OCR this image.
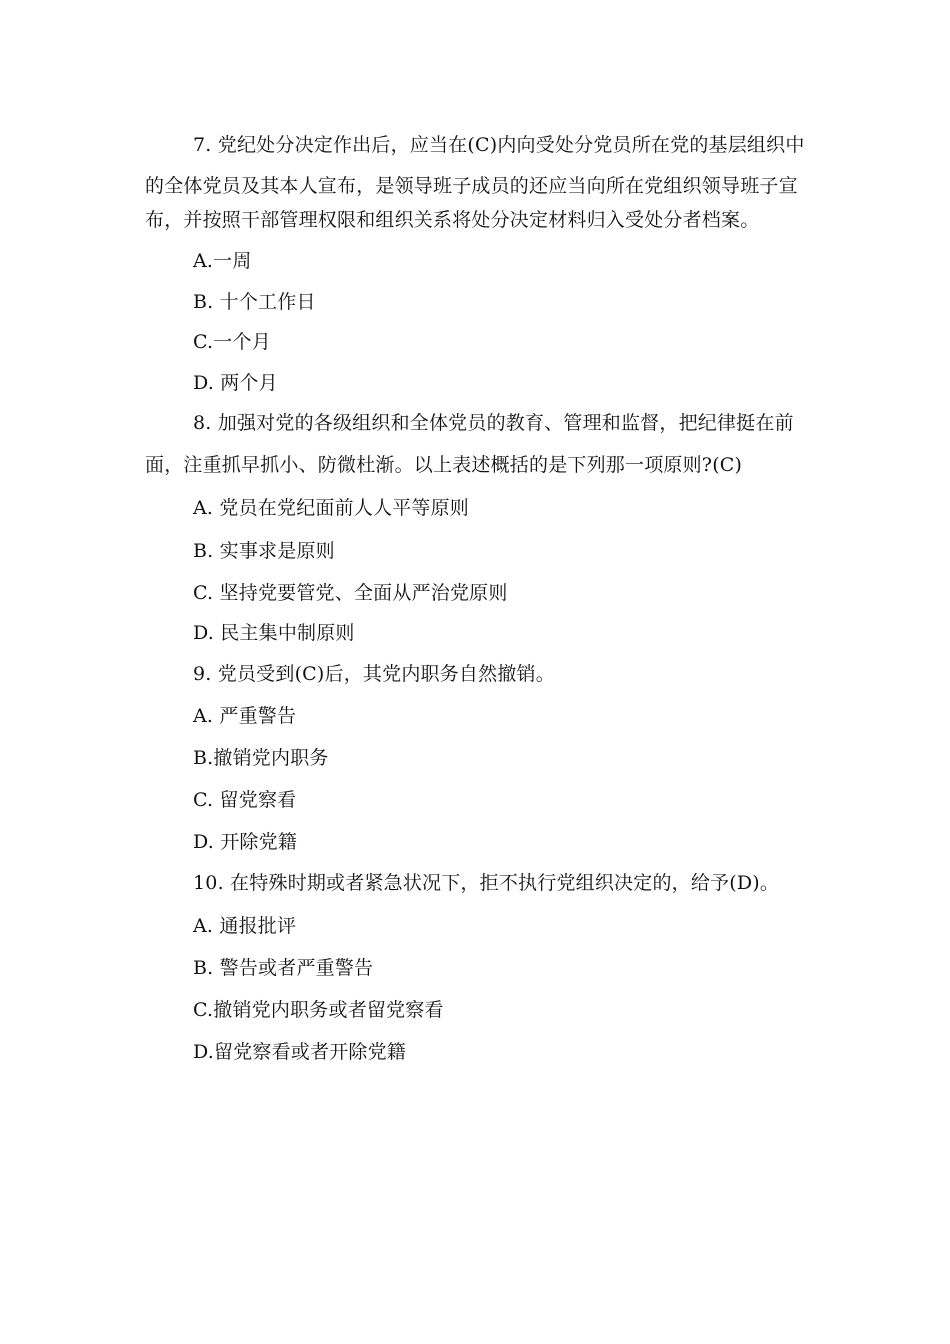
7. 党纪处分决定作出后，应当在(C)内向受处分党员所在党的基层组织中
的全体党员及其本人宣布，是领导班子成员的还应当向所在党组织领导班子宣
布，并按照干部管理权限和组织关系将处分决定材料归入受处分者档案。
A.一周
B. 十个工作日
C.一个月
D. 两个月
8. 加强对党的各级组织和全体党员的教育、管理和监督，把纪律挺在前
面，注重抓早抓小、防微杜渐。以上表述概括的是下列那一项原则?(C)
A. 党员在党纪面前人人平等原则
B. 实事求是原则
C. 坚持党要管党、全面从严治党原则
D. 民主集中制原则
9. 党员受到(C)后，其党内职务自然撤销。
A. 严重警告
B.撤销党内职务
C. 留党察看
D. 开除党籍
10. 在特殊时期或者紧急状况下，拒不执行党组织决定的，给予(D)。
A. 通报批评
B. 警告或者严重警告
C.撤销党内职务或者留党察看
D.留党察看或者开除党籍
